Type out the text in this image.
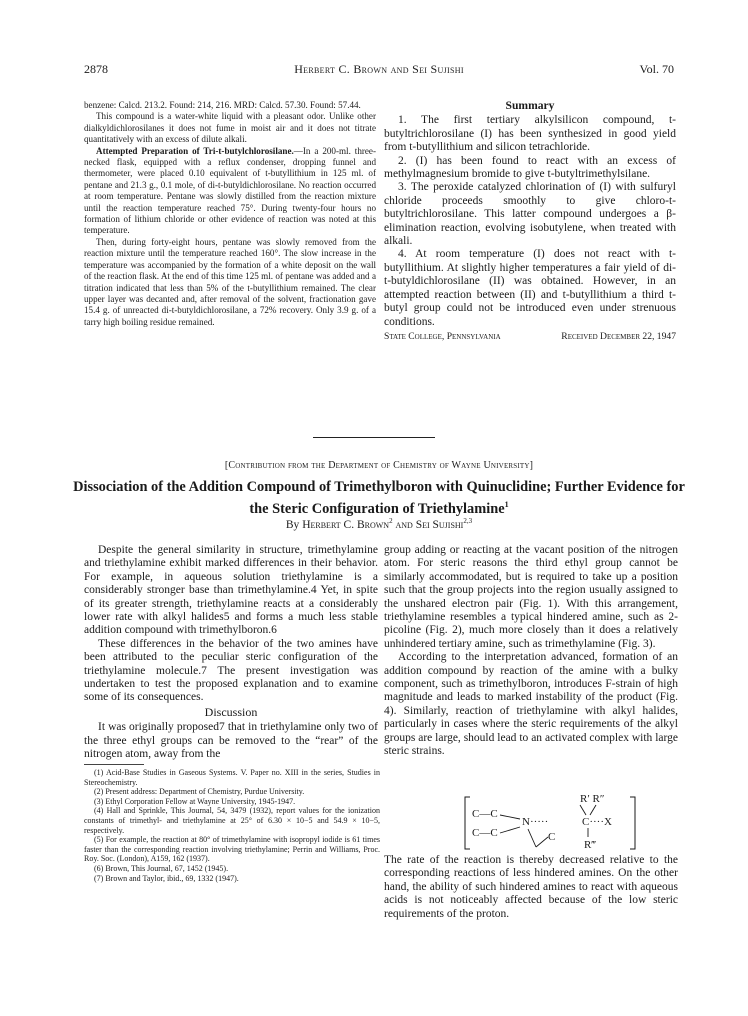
2878	Herbert C. Brown and Sei Sujishi	Vol. 70

benzene: Calcd. 213.2. Found: 214, 216. MRD: Calcd. 57.30. Found: 57.44.

This compound is a water-white liquid with a pleasant odor. Unlike other dialkyldichlorosilanes it does not fume in moist air and it does not titrate quantitatively with an excess of dilute alkali.

Attempted Preparation of Tri-t-butylchlorosilane.—In a 200-ml. three-necked flask, equipped with a reflux condenser, dropping funnel and thermometer, were placed 0.10 equivalent of t-butyllithium in 125 ml. of pentane and 21.3 g., 0.1 mole, of di-t-butyldichlorosilane. No reaction occurred at room temperature. Pentane was slowly distilled from the reaction mixture until the reaction temperature reached 75°. During twenty-four hours no formation of lithium chloride or other evidence of reaction was noted at this temperature.

Then, during forty-eight hours, pentane was slowly removed from the reaction mixture until the temperature reached 160°. The slow increase in the temperature was accompanied by the formation of a white deposit on the wall of the reaction flask. At the end of this time 125 ml. of pentane was added and a titration indicated that less than 5% of the t-butyllithium remained. The clear upper layer was decanted and, after removal of the solvent, fractionation gave 15.4 g. of unreacted di-t-butyldichlorosilane, a 72% recovery. Only 3.9 g. of a tarry high boiling residue remained.

Summary

1. The first tertiary alkylsilicon compound, t-butyltrichlorosilane (I) has been synthesized in good yield from t-butyllithium and silicon tetrachloride.

2. (I) has been found to react with an excess of methylmagnesium bromide to give t-butyltrimethylsilane.

3. The peroxide catalyzed chlorination of (I) with sulfuryl chloride proceeds smoothly to give chloro-t-butyltrichlorosilane. This latter compound undergoes a β-elimination reaction, evolving isobutylene, when treated with alkali.

4. At room temperature (I) does not react with t-butyllithium. At slightly higher temperatures a fair yield of di-t-butyldichlorosilane (II) was obtained. However, in an attempted reaction between (II) and t-butyllithium a third t-butyl group could not be introduced even under strenuous conditions.

State College, Pennsylvania	Received December 22, 1947
[Contribution from the Department of Chemistry of Wayne University]
Dissociation of the Addition Compound of Trimethylboron with Quinuclidine; Further Evidence for the Steric Configuration of Triethylamine$^1$
By Herbert C. Brown$^2$ and Sei Sujishi$^{2,3}$

Despite the general similarity in structure, trimethylamine and triethylamine exhibit marked differences in their behavior. For example, in aqueous solution triethylamine is a considerably stronger base than trimethylamine.4 Yet, in spite of its greater strength, triethylamine reacts at a considerably lower rate with alkyl halides5 and forms a much less stable addition compound with trimethylboron.6

These differences in the behavior of the two amines have been attributed to the peculiar steric configuration of the triethylamine molecule.7 The present investigation was undertaken to test the proposed explanation and to examine some of its consequences.

Discussion

It was originally proposed7 that in triethylamine only two of the three ethyl groups can be removed to the “rear” of the nitrogen atom, away from the

(1) Acid-Base Studies in Gaseous Systems. V. Paper no. XIII in the series, Studies in Stereochemistry.

(2) Present address: Department of Chemistry, Purdue University.

(3) Ethyl Corporation Fellow at Wayne University, 1945-1947.

(4) Hall and Sprinkle, This Journal, 54, 3479 (1932), report values for the ionization constants of trimethyl- and triethylamine at 25° of 6.30 × 10−5 and 54.9 × 10−5, respectively.

(5) For example, the reaction at 80° of trimethylamine with isopropyl iodide is 61 times faster than the corresponding reaction involving triethylamine; Perrin and Williams, Proc. Roy. Soc. (London), A159, 162 (1937).

(6) Brown, This Journal, 67, 1452 (1945).

(7) Brown and Taylor, ibid., 69, 1332 (1947).

group adding or reacting at the vacant position of the nitrogen atom. For steric reasons the third ethyl group cannot be similarly accommodated, but is required to take up a position such that the group projects into the region usually assigned to the unshared electron pair (Fig. 1). With this arrangement, triethylamine resembles a typical hindered amine, such as 2-picoline (Fig. 2), much more closely than it does a relatively unhindered tertiary amine, such as trimethylamine (Fig. 3).

According to the interpretation advanced, formation of an addition compound by reaction of the amine with a bulky component, such as trimethylboron, introduces F-strain of high magnitude and leads to marked instability of the product (Fig. 4). Similarly, reaction of triethylamine with alkyl halides, particularly in cases where the steric requirements of the alkyl groups are large, should lead to an activated complex with large steric strains.

R′ R″
C—C
N·····	C····X
C—C	C
R‴

The rate of the reaction is thereby decreased relative to the corresponding reactions of less hindered amines. On the other hand, the ability of such hindered amines to react with aqueous acids is not noticeably affected because of the low steric requirements of the proton.
